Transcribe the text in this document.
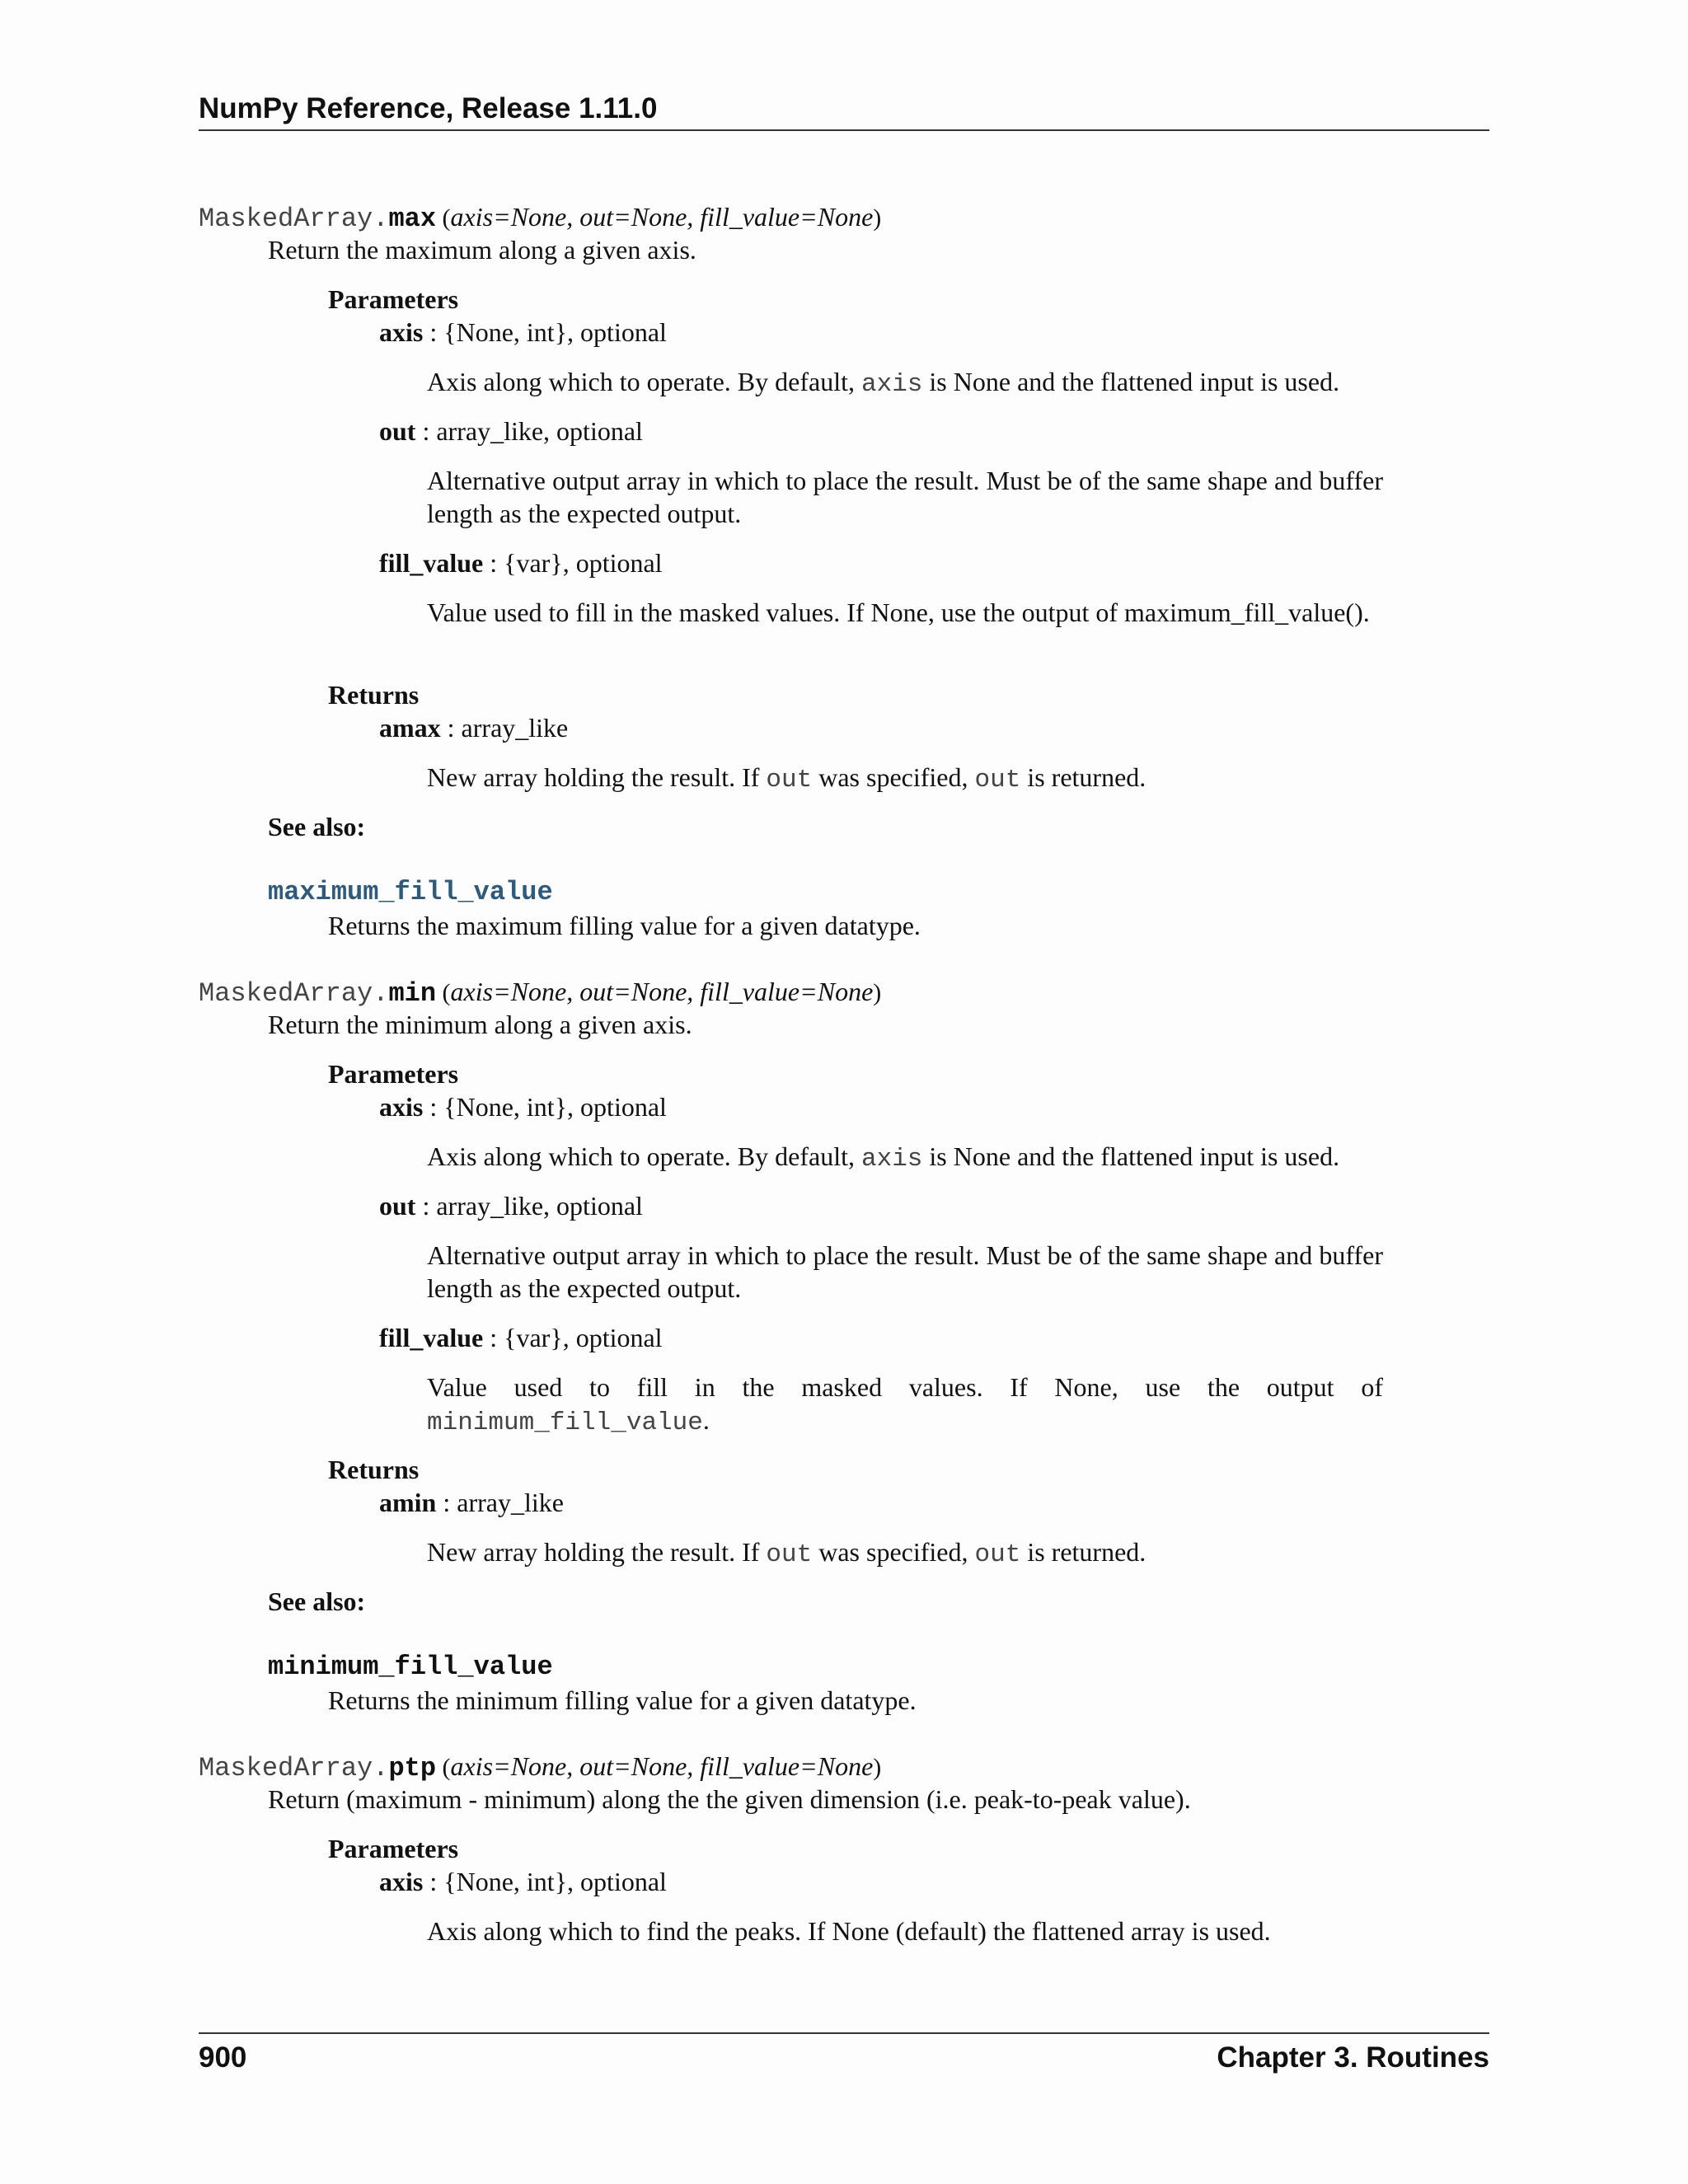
NumPy Reference, Release 1.11.0
MaskedArray.max (axis=None, out=None, fill_value=None)
Return the maximum along a given axis.
Parameters
axis : {None, int}, optional
Axis along which to operate. By default, axis is None and the flattened input is used.
out : array_like, optional
Alternative output array in which to place the result. Must be of the same shape and buffer length as the expected output.
fill_value : {var}, optional
Value used to fill in the masked values. If None, use the output of maximum_fill_value().
Returns
amax : array_like
New array holding the result. If out was specified, out is returned.
See also:
maximum_fill_value
Returns the maximum filling value for a given datatype.
MaskedArray.min (axis=None, out=None, fill_value=None)
Return the minimum along a given axis.
Parameters
axis : {None, int}, optional
Axis along which to operate. By default, axis is None and the flattened input is used.
out : array_like, optional
Alternative output array in which to place the result. Must be of the same shape and buffer length as the expected output.
fill_value : {var}, optional
Value used to fill in the masked values. If None, use the output of minimum_fill_value.
Returns
amin : array_like
New array holding the result. If out was specified, out is returned.
See also:
minimum_fill_value
Returns the minimum filling value for a given datatype.
MaskedArray.ptp (axis=None, out=None, fill_value=None)
Return (maximum - minimum) along the the given dimension (i.e. peak-to-peak value).
Parameters
axis : {None, int}, optional
Axis along which to find the peaks. If None (default) the flattened array is used.
900	Chapter 3. Routines
